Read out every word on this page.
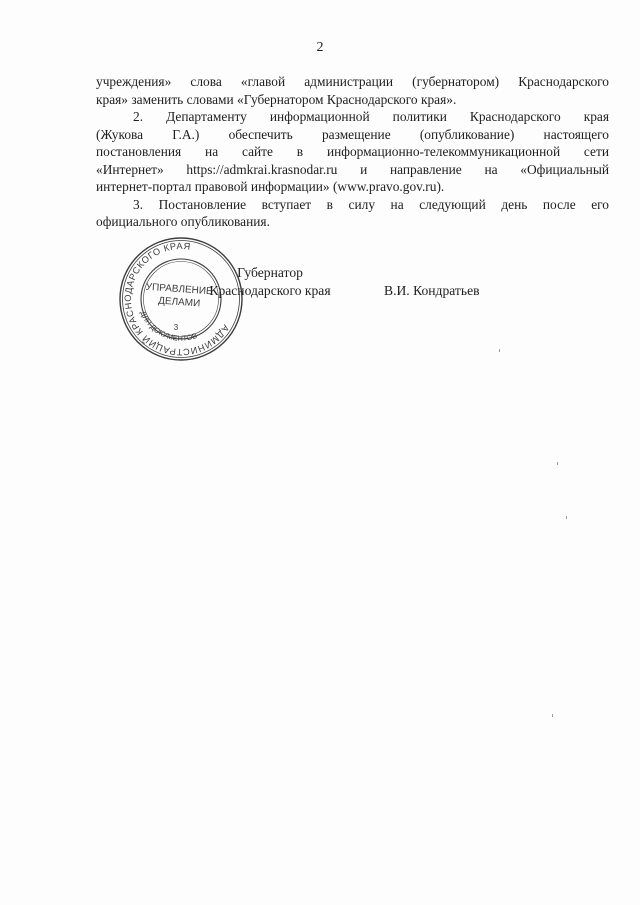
2
учреждения» слова «главой администрации (губернатором) Краснодарского
края» заменить словами «Губернатором Краснодарского края».
2. Департаменту информационной политики Краснодарского края
(Жукова Г.А.) обеспечить размещение (опубликование) настоящего
постановления на сайте в информационно-телекоммуникационной сети
«Интернет» https://admkrai.krasnodar.ru и направление на «Официальный
интернет-портал правовой информации» (www.pravo.gov.ru).
3. Постановление вступает в силу на следующий день после его
официального опубликования.
АДМИНИСТРАЦИЙ КРАСНОДАРСКОГО КРАЯ
ДЛЯ ДОКУМЕНТОВ
УПРАВЛЕНИЕ
ДЕЛАМИ
3
Губернатор
Краснодарского края	В.И. Кондратьев
